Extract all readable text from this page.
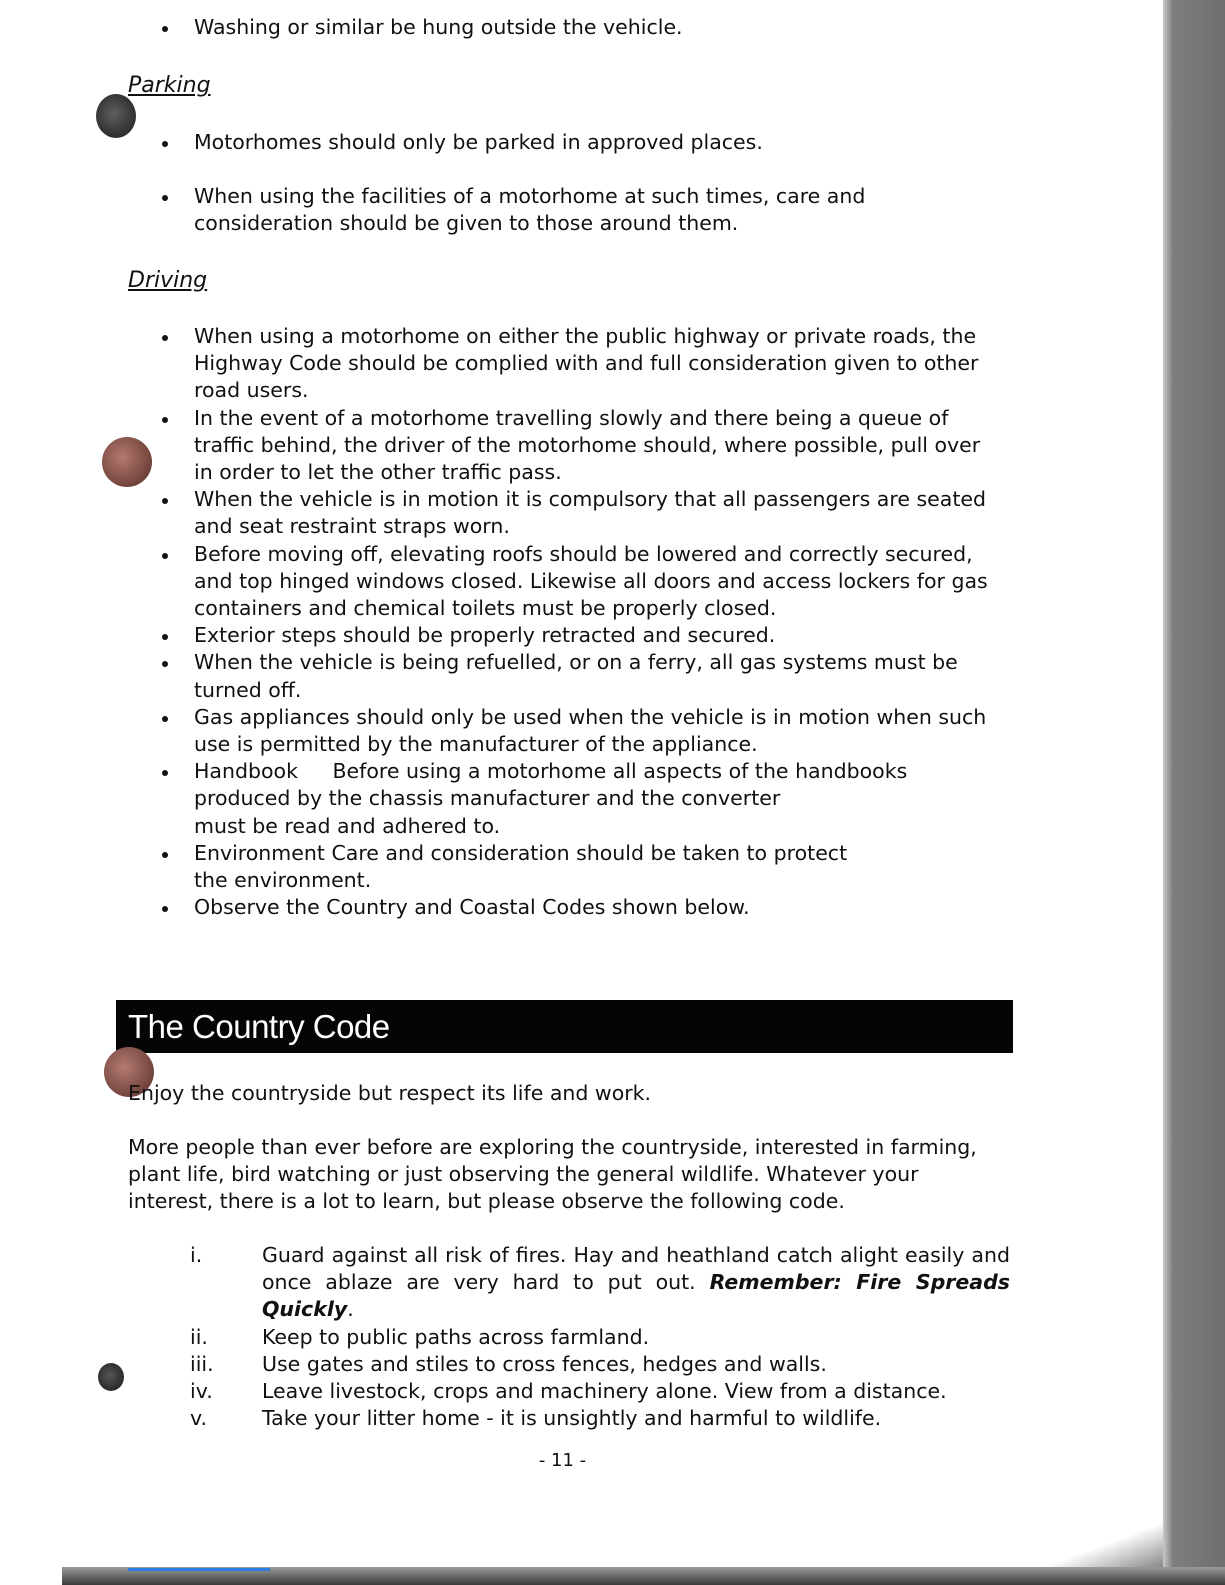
Washing or similar be hung outside the vehicle.
Parking
Motorhomes should only be parked in approved places.
When using the facilities of a motorhome at such times, care and consideration should be given to those around them.
Driving
When using a motorhome on either the public highway or private roads, the Highway Code should be complied with and full consideration given to other road users.
In the event of a motorhome travelling slowly and there being a queue of traffic behind, the driver of the motorhome should, where possible, pull over in order to let the other traffic pass.
When the vehicle is in motion it is compulsory that all passengers are seated and seat restraint straps worn.
Before moving off, elevating roofs should be lowered and correctly secured, and top hinged windows closed. Likewise all doors and access lockers for gas containers and chemical toilets must be properly closed.
Exterior steps should be properly retracted and secured.
When the vehicle is being refuelled, or on a ferry, all gas systems must be turned off.
Gas appliances should only be used when the vehicle is in motion when such use is permitted by the manufacturer of the appliance.
Handbook Before using a motorhome all aspects of the handbooks
produced by the chassis manufacturer and the converter
must be read and adhered to.
Environment Care and consideration should be taken to protect the environment.
Observe the Country and Coastal Codes shown below.
The Country Code

Enjoy the countryside but respect its life and work.

More people than ever before are exploring the countryside, interested in farming, plant life, bird watching or just observing the general wildlife. Whatever your interest, there is a lot to learn, but please observe the following code.

i.	Guard against all risk of fires. Hay and heathland catch alight easily and once ablaze are very hard to put out. Remember: Fire Spreads Quickly.
ii.	Keep to public paths across farmland.
iii.	Use gates and stiles to cross fences, hedges and walls.
iv.	Leave livestock, crops and machinery alone. View from a distance.
v.	Take your litter home - it is unsightly and harmful to wildlife.
- 11 -
